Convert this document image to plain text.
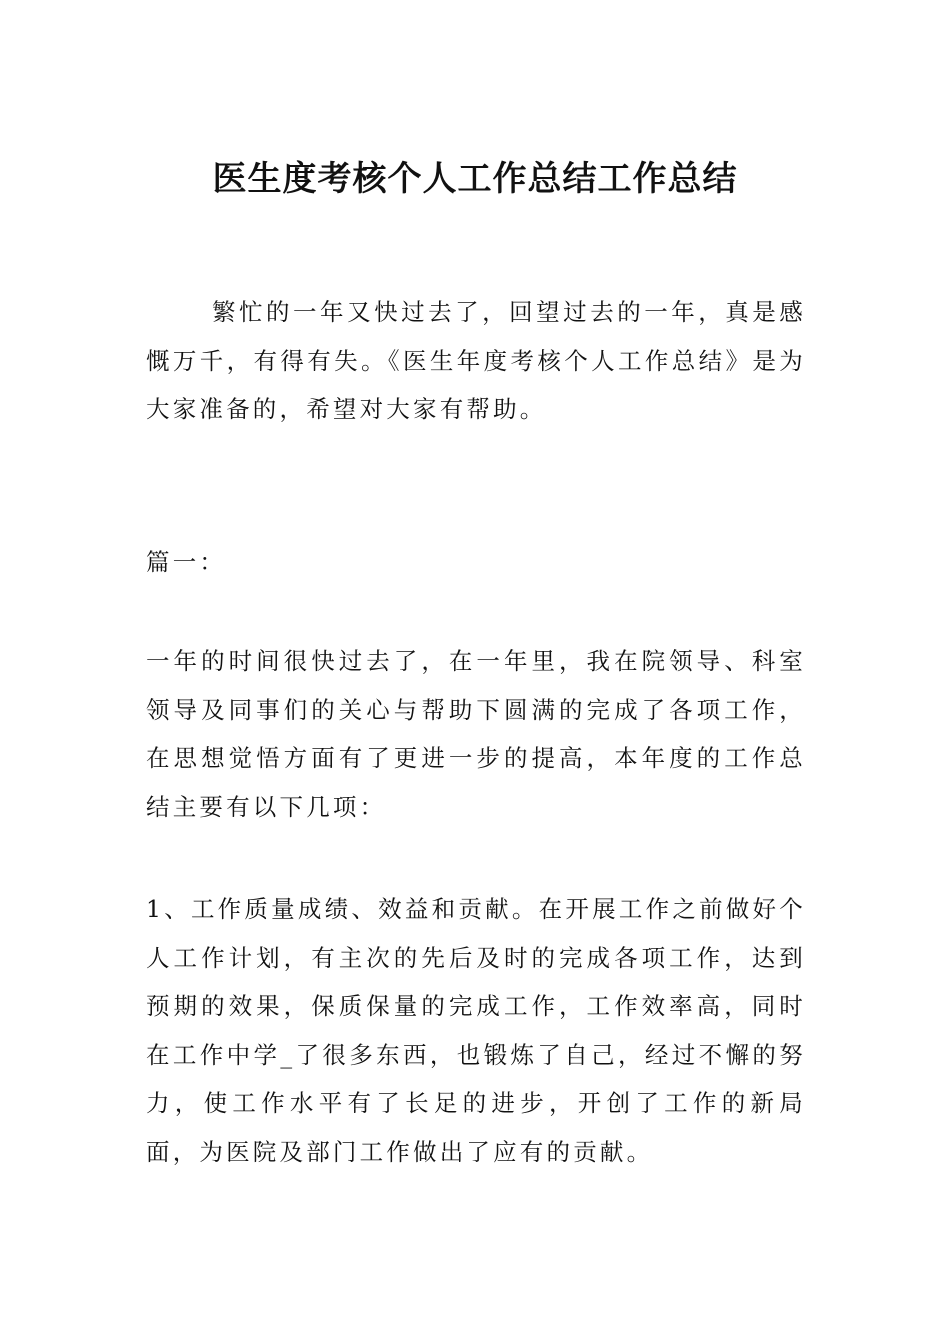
医生度考核个人工作总结工作总结

繁忙的一年又快过去了，回望过去的一年，真是感慨万千，有得有失。《医生年度考核个人工作总结》是为大家准备的，希望对大家有帮助。

篇一：

一年的时间很快过去了，在一年里，我在院领导、科室领导及同事们的关心与帮助下圆满的完成了各项工作，在思想觉悟方面有了更进一步的提高，本年度的工作总结主要有以下几项：

1、工作质量成绩、效益和贡献。在开展工作之前做好个人工作计划，有主次的先后及时的完成各项工作，达到预期的效果，保质保量的完成工作，工作效率高，同时在工作中学_了很多东西，也锻炼了自己，经过不懈的努力，使工作水平有了长足的进步，开创了工作的新局面，为医院及部门工作做出了应有的贡献。
